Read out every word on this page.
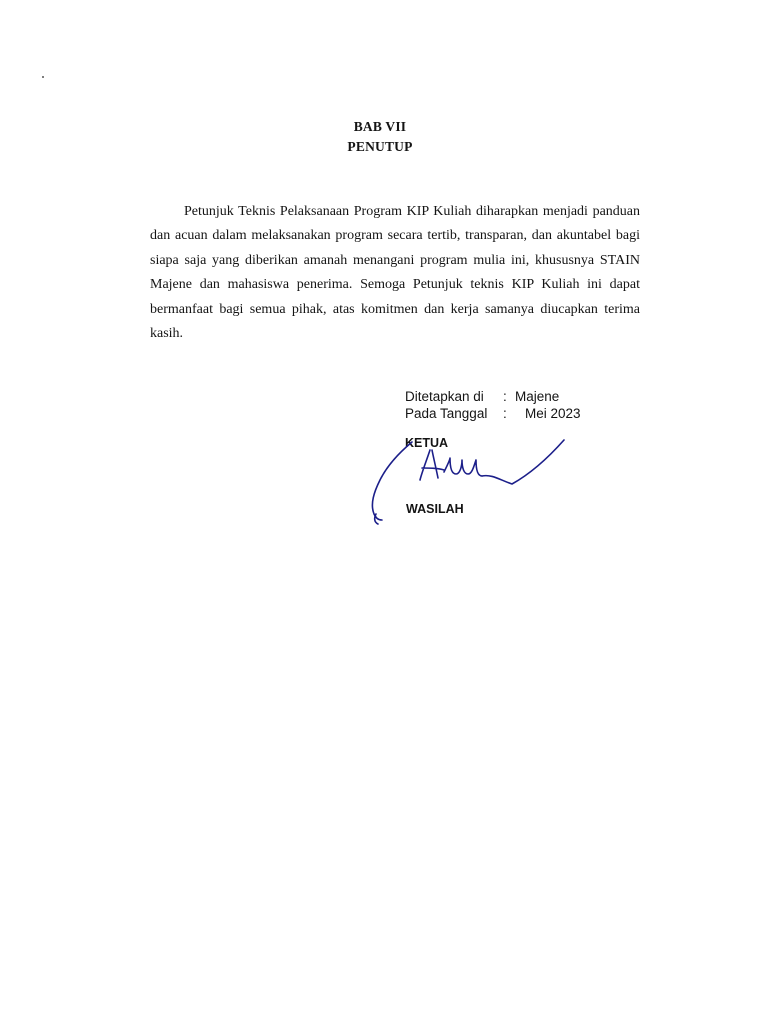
BAB VII
PENUTUP

Petunjuk Teknis Pelaksanaan Program KIP Kuliah diharapkan menjadi panduan dan acuan dalam melaksanakan program secara tertib, transparan, dan akuntabel bagi siapa saja yang diberikan amanah menangani program mulia ini, khususnya STAIN Majene dan mahasiswa penerima. Semoga Petunjuk teknis KIP Kuliah ini dapat bermanfaat bagi semua pihak, atas komitmen dan kerja samanya diucapkan terima kasih.

Ditetapkan di : Majene
Pada Tanggal : Mei 2023
KETUA
WASILAH
